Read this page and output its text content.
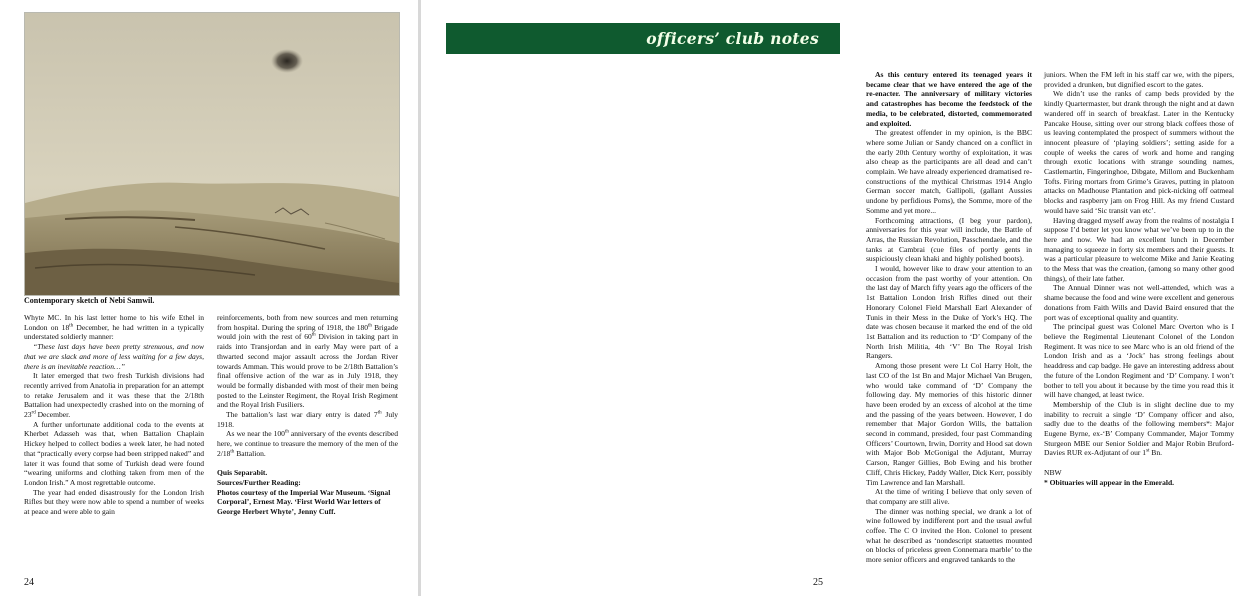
Contemporary sketch of Nebi Samwil.

Whyte MC. In his last letter home to his wife Ethel in London on 18th December, he had written in a typically understated soldierly manner:

“These last days have been pretty strenuous, and now that we are slack and more of less waiting for a few days, there is an inevitable reaction…”

It later emerged that two fresh Turkish divisions had recently arrived from Anatolia in preparation for an attempt to retake Jerusalem and it was these that the 2/18th Battalion had unexpectedly crashed into on the morning of 23rd December.

A further unfortunate additional coda to the events at Kherbet Adasseh was that, when Battalion Chaplain Hickey helped to collect bodies a week later, he had noted that “practically every corpse had been stripped naked” and later it was found that some of Turkish dead were found “wearing uniforms and clothing taken from men of the London Irish.” A most regrettable outcome.

The year had ended disastrously for the London Irish Rifles but they were now able to spend a number of weeks at peace and were able to gain

reinforcements, both from new sources and men returning from hospital. During the spring of 1918, the 180th Brigade would join with the rest of 60th Division in taking part in raids into Transjordan and in early May were part of a thwarted second major assault across the Jordan River towards Amman. This would prove to be 2/18th Battalion’s final offensive action of the war as in July 1918, they would be formally disbanded with most of their men being posted to the Leinster Regiment, the Royal Irish Regiment and the Royal Irish Fusiliers.

The battalion’s last war diary entry is dated 7th July 1918.

As we near the 100th anniversary of the events described here, we continue to treasure the memory of the men of the 2/18th Battalion.

Quis Separabit.

Sources/Further Reading:

Photos courtesy of the Imperial War Museum. ‘Signal Corporal’, Ernest May. ‘First World War letters of George Herbert Whyte’, Jenny Cuff.

24
officers’ club notes

As this century entered its teenaged years it became clear that we have entered the age of the re-enacter. The anniversary of military victories and catastrophes has become the feedstock of the media, to be celebrated, distorted, commemorated and exploited.

The greatest offender in my opinion, is the BBC where some Julian or Sandy chanced on a conflict in the early 20th Century worthy of exploitation, it was also cheap as the participants are all dead and can’t complain. We have already experienced dramatised re-constructions of the mythical Christmas 1914 Anglo German soccer match, Gallipoli, (gallant Aussies undone by perfidious Poms), the Somme, more of the Somme and yet more...

Forthcoming attractions, (I beg your pardon), anniversaries for this year will include, the Battle of Arras, the Russian Revolution, Passchendaele, and the tanks at Cambrai (cue files of portly gents in suspiciously clean khaki and highly polished boots).

I would, however like to draw your attention to an occasion from the past worthy of your attention. On the last day of March fifty years ago the officers of the 1st Battalion London Irish Rifles dined out their Honorary Colonel Field Marshall Earl Alexander of Tunis in their Mess in the Duke of York’s HQ. The date was chosen because it marked the end of the old 1st Battalion and its reduction to ‘D’ Company of the North Irish Militia, 4th ‘V’ Bn The Royal Irish Rangers.

Among those present were Lt Col Harry Holt, the last CO of the 1st Bn and Major Michael Van Brugen, who would take command of ‘D’ Company the following day. My memories of this historic dinner have been eroded by an excess of alcohol at the time and the passing of the years between. However, I do remember that Major Gordon Wills, the battalion second in command, presided, four past Commanding Officers’ Courtown, Irwin, Dorrity and Hood sat down with Major Bob McGonigal the Adjutant, Murray Carson, Ranger Gillies, Bob Ewing and his brother Cliff, Chris Hickey, Paddy Waller, Dick Kerr, possibly Tim Lawrence and Ian Marshall.

At the time of writing I believe that only seven of that company are still alive.

The dinner was nothing special, we drank a lot of wine followed by indifferent port and the usual awful coffee. The C O invited the Hon. Colonel to present what he described as ‘nondescript statuettes mounted on blocks of priceless green Connemara marble’ to the more senior officers and engraved tankards to the

juniors. When the FM left in his staff car we, with the pipers, provided a drunken, but dignified escort to the gates.

We didn’t use the ranks of camp beds provided by the kindly Quartermaster, but drank through the night and at dawn wandered off in search of breakfast. Later in the Kentucky Pancake House, sitting over our strong black coffees those of us leaving contemplated the prospect of summers without the innocent pleasure of ‘playing soldiers’; setting aside for a couple of weeks the cares of work and home and ranging through exotic locations with strange sounding names, Castlemartin, Fingeringhoe, Dibgate, Millom and Buckenham Tofts. Firing mortars from Grime’s Graves, putting in platoon attacks on Madhouse Plantation and pick-nicking off oatmeal blocks and raspberry jam on Frog Hill. As my friend Custard would have said ‘Sic transit van etc’.

Having dragged myself away from the realms of nostalgia I suppose I’d better let you know what we’ve been up to in the here and now. We had an excellent lunch in December managing to squeeze in forty six members and their guests. It was a particular pleasure to welcome Mike and Janie Keating to the Mess that was the creation, (among so many other good things), of their late father.

The Annual Dinner was not well-attended, which was a shame because the food and wine were excellent and generous donations from Faith Wills and David Baird ensured that the port was of exceptional quality and quantity.

The principal guest was Colonel Marc Overton who is I believe the Regimental Lieutenant Colonel of the London Regiment. It was nice to see Marc who is an old friend of the London Irish and as a ‘Jock’ has strong feelings about headdress and cap badge. He gave an interesting address about the future of the London Regiment and ‘D’ Company. I won’t bother to tell you about it because by the time you read this it will have changed, at least twice.

Membership of the Club is in slight decline due to my inability to recruit a single ‘D’ Company officer and also, sadly due to the deaths of the following members*: Major Eugene Byrne, ex-‘B’ Company Commander, Major Tommy Sturgeon MBE our Senior Soldier and Major Robin Bruford-Davies RUR ex-Adjutant of our 1st Bn.

NBW

* Obituaries will appear in the Emerald.

25
